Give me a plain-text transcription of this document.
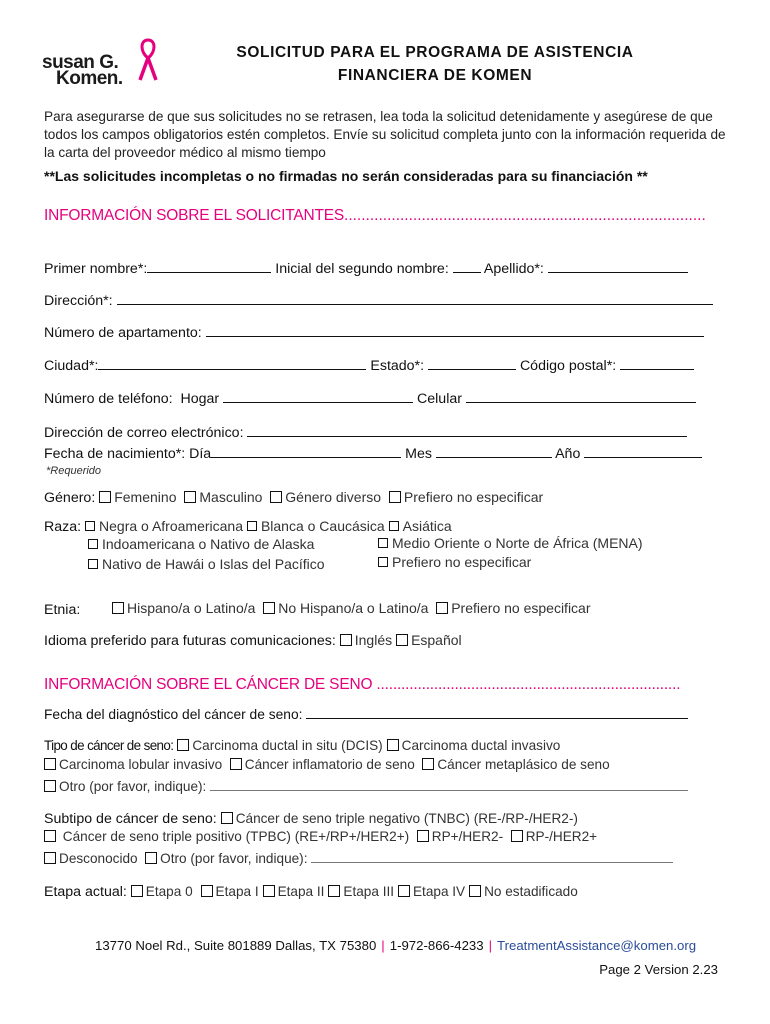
susan G.
Komen.
SOLICITUD PARA EL PROGRAMA DE ASISTENCIA
FINANCIERA DE KOMEN
Para asegurarse de que sus solicitudes no se retrasen, lea toda la solicitud detenidamente y asegúrese de que todos los campos obligatorios estén completos. Envíe su solicitud completa junto con la información requerida de la carta del proveedor médico al mismo tiempo
**Las solicitudes incompletas o no firmadas no serán consideradas para su financiación **
INFORMACIÓN SOBRE EL SOLICITANTES....................................................................................
Primer nombre*:	Inicial del segundo nombre: Apellido*:
Dirección*:
Número de apartamento:
Ciudad*:	Estado*:	Código postal*:
Número de teléfono: Hogar	Celular
Dirección de correo electrónico:
Fecha de nacimiento*: Día	Mes	Año
*Requerido
Género: Femenino Masculino Género diverso Prefiero no especificar
Raza: Negra o Afroamericana Blanca o Caucásica Asiática
Indoamericana o Nativo de Alaska
Nativo de Hawái o Islas del Pacífico
Medio Oriente o Norte de África (MENA)
Prefiero no especificar
Etnia:	Hispano/a o Latino/a No Hispano/a o Latino/a Prefiero no especificar
Idioma preferido para futuras comunicaciones: Inglés Español
INFORMACIÓN SOBRE EL CÁNCER DE SENO ..........................................................................
Fecha del diagnóstico del cáncer de seno:
Tipo de cáncer de seno: Carcinoma ductal in situ (DCIS) Carcinoma ductal invasivo
Carcinoma lobular invasivo Cáncer inflamatorio de seno Cáncer metaplásico de seno
Otro (por favor, indique):
Subtipo de cáncer de seno: Cáncer de seno triple negativo (TNBC) (RE-/RP-/HER2-)
Cáncer de seno triple positivo (TPBC) (RE+/RP+/HER2+) RP+/HER2- RP-/HER2+
Desconocido Otro (por favor, indique):
Etapa actual: Etapa 0 Etapa I Etapa II Etapa III Etapa IV No estadificado
13770 Noel Rd., Suite 801889 Dallas, TX 75380 | 1-972-866-4233 | TreatmentAssistance@komen.org
Page 2 Version 2.23
